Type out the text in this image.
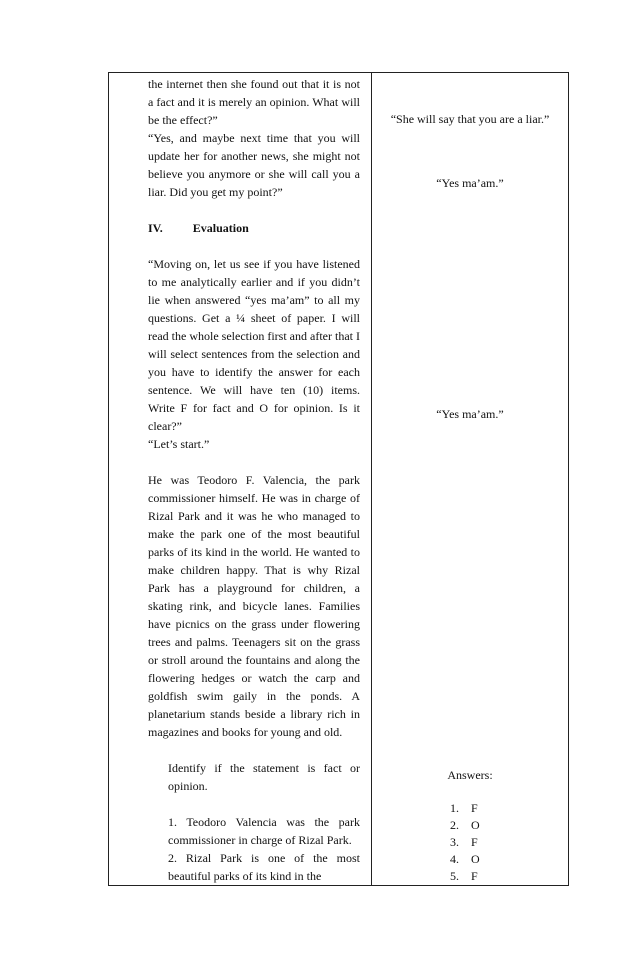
the internet then she found out that it is not a fact and it is merely an opinion. What will be the effect?”

“Yes, and maybe next time that you will update her for another news, she might not believe you anymore or she will call you a liar. Did you get my point?”

IV.	Evaluation

“Moving on, let us see if you have listened to me analytically earlier and if you didn’t lie when answered “yes ma’am” to all my questions. Get a ¼ sheet of paper. I will read the whole selection first and after that I will select sentences from the selection and you have to identify the answer for each sentence. We will have ten (10) items. Write F for fact and O for opinion. Is it clear?”

“Let’s start.”

He was Teodoro F. Valencia, the park commissioner himself. He was in charge of Rizal Park and it was he who managed to make the park one of the most beautiful parks of its kind in the world. He wanted to make children happy. That is why Rizal Park has a playground for children, a skating rink, and bicycle lanes. Families have picnics on the grass under flowering trees and palms. Teenagers sit on the grass or stroll around the fountains and along the flowering hedges or watch the carp and goldfish swim gaily in the ponds. A planetarium stands beside a library rich in magazines and books for young and old.

Identify if the statement is fact or opinion.

1. Teodoro Valencia was the park commissioner in charge of Rizal Park.

2. Rizal Park is one of the most beautiful parks of its kind in the

“She will say that you are a liar.”
“Yes ma’am.”
“Yes ma’am.”
Answers:
1. F
2. O
3. F
4. O
5. F
